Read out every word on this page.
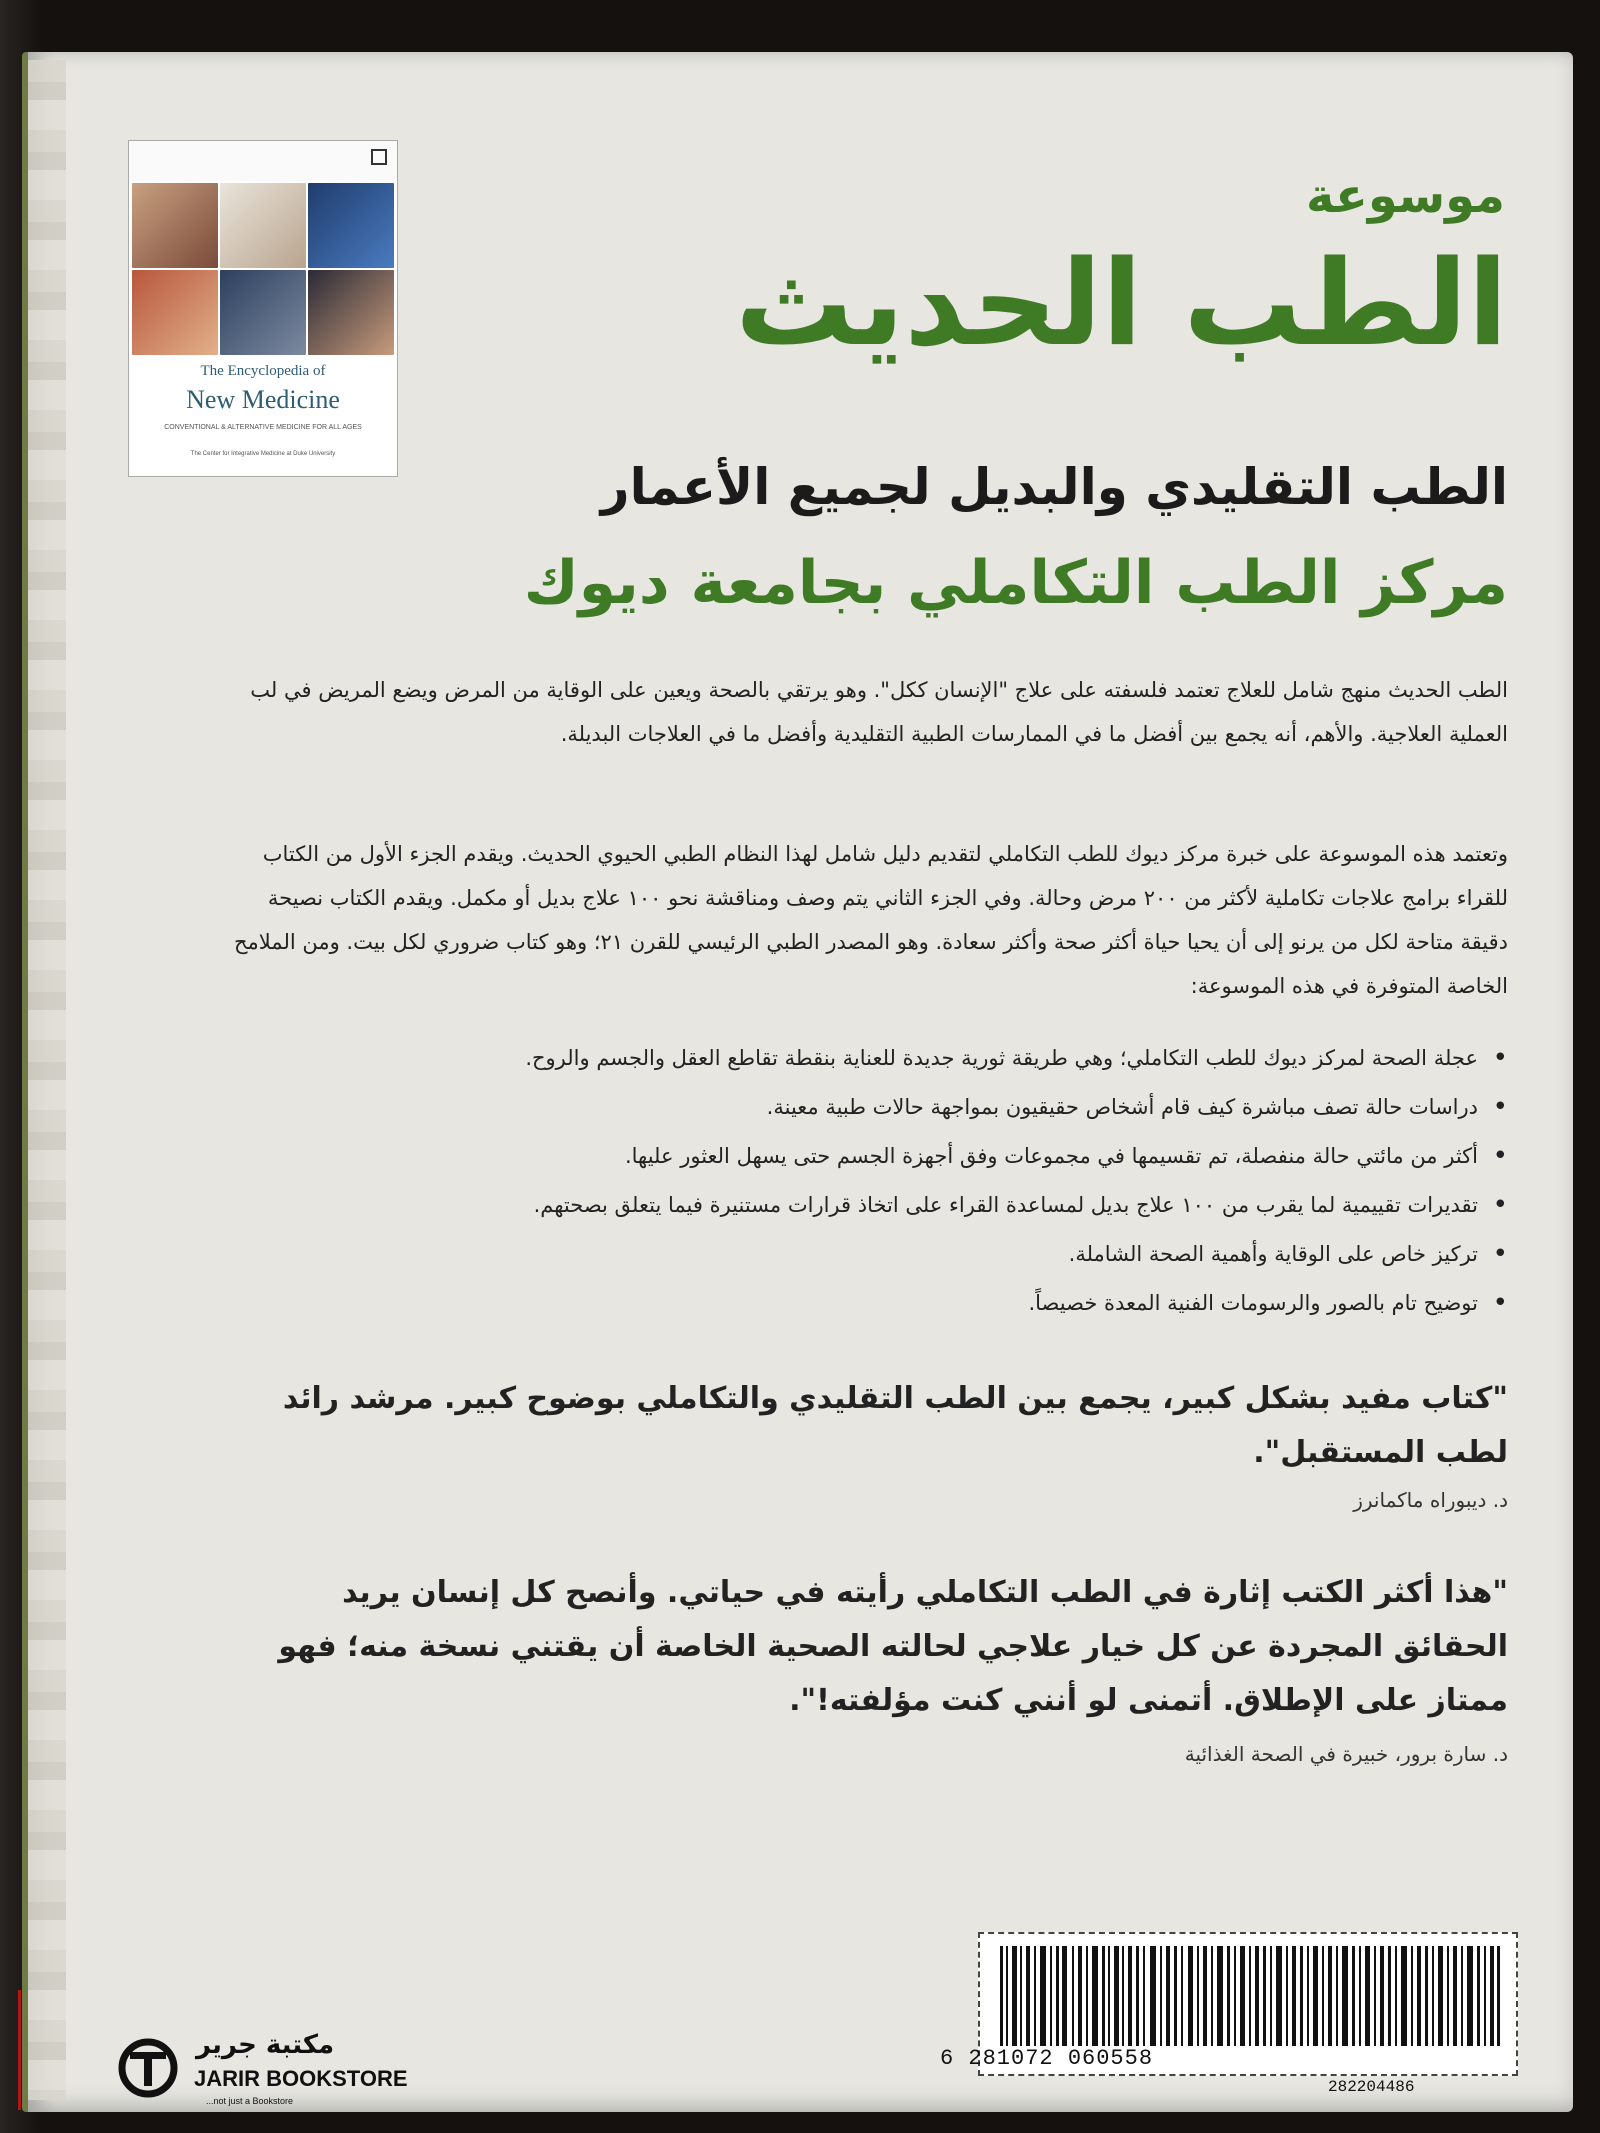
The Encyclopedia of
New Medicine
CONVENTIONAL & ALTERNATIVE MEDICINE FOR ALL AGES
The Center for Integrative Medicine at Duke University
موسوعة
الطب الحديث
الطب التقليدي والبديل لجميع الأعمار
مركز الطب التكاملي بجامعة ديوك
الطب الحديث منهج شامل للعلاج تعتمد فلسفته على علاج "الإنسان ككل". وهو يرتقي بالصحة ويعين على الوقاية من المرض ويضع المريض في لب العملية العلاجية. والأهم، أنه يجمع بين أفضل ما في الممارسات الطبية التقليدية وأفضل ما في العلاجات البديلة.
وتعتمد هذه الموسوعة على خبرة مركز ديوك للطب التكاملي لتقديم دليل شامل لهذا النظام الطبي الحيوي الحديث. ويقدم الجزء الأول من الكتاب للقراء برامج علاجات تكاملية لأكثر من ٢٠٠ مرض وحالة. وفي الجزء الثاني يتم وصف ومناقشة نحو ١٠٠ علاج بديل أو مكمل. ويقدم الكتاب نصيحة دقيقة متاحة لكل من يرنو إلى أن يحيا حياة أكثر صحة وأكثر سعادة. وهو المصدر الطبي الرئيسي للقرن ٢١؛ وهو كتاب ضروري لكل بيت. ومن الملامح الخاصة المتوفرة في هذه الموسوعة:
• عجلة الصحة لمركز ديوك للطب التكاملي؛ وهي طريقة ثورية جديدة للعناية بنقطة تقاطع العقل والجسم والروح.
• دراسات حالة تصف مباشرة كيف قام أشخاص حقيقيون بمواجهة حالات طبية معينة.
• أكثر من مائتي حالة منفصلة، تم تقسيمها في مجموعات وفق أجهزة الجسم حتى يسهل العثور عليها.
• تقديرات تقييمية لما يقرب من ١٠٠ علاج بديل لمساعدة القراء على اتخاذ قرارات مستنيرة فيما يتعلق بصحتهم.
• تركيز خاص على الوقاية وأهمية الصحة الشاملة.
• توضيح تام بالصور والرسومات الفنية المعدة خصيصاً.
"كتاب مفيد بشكل كبير، يجمع بين الطب التقليدي والتكاملي بوضوح كبير. مرشد رائد لطب المستقبل".
د. ديبوراه ماكمانرز
"هذا أكثر الكتب إثارة في الطب التكاملي رأيته في حياتي. وأنصح كل إنسان يريد الحقائق المجردة عن كل خيار علاجي لحالته الصحية الخاصة أن يقتني نسخة منه؛ فهو ممتاز على الإطلاق. أتمنى لو أنني كنت مؤلفته!".
د. سارة برور، خبيرة في الصحة الغذائية
6 281072 060558
282204486
مكتبة جرير
JARIR BOOKSTORE
...not just a Bookstore
